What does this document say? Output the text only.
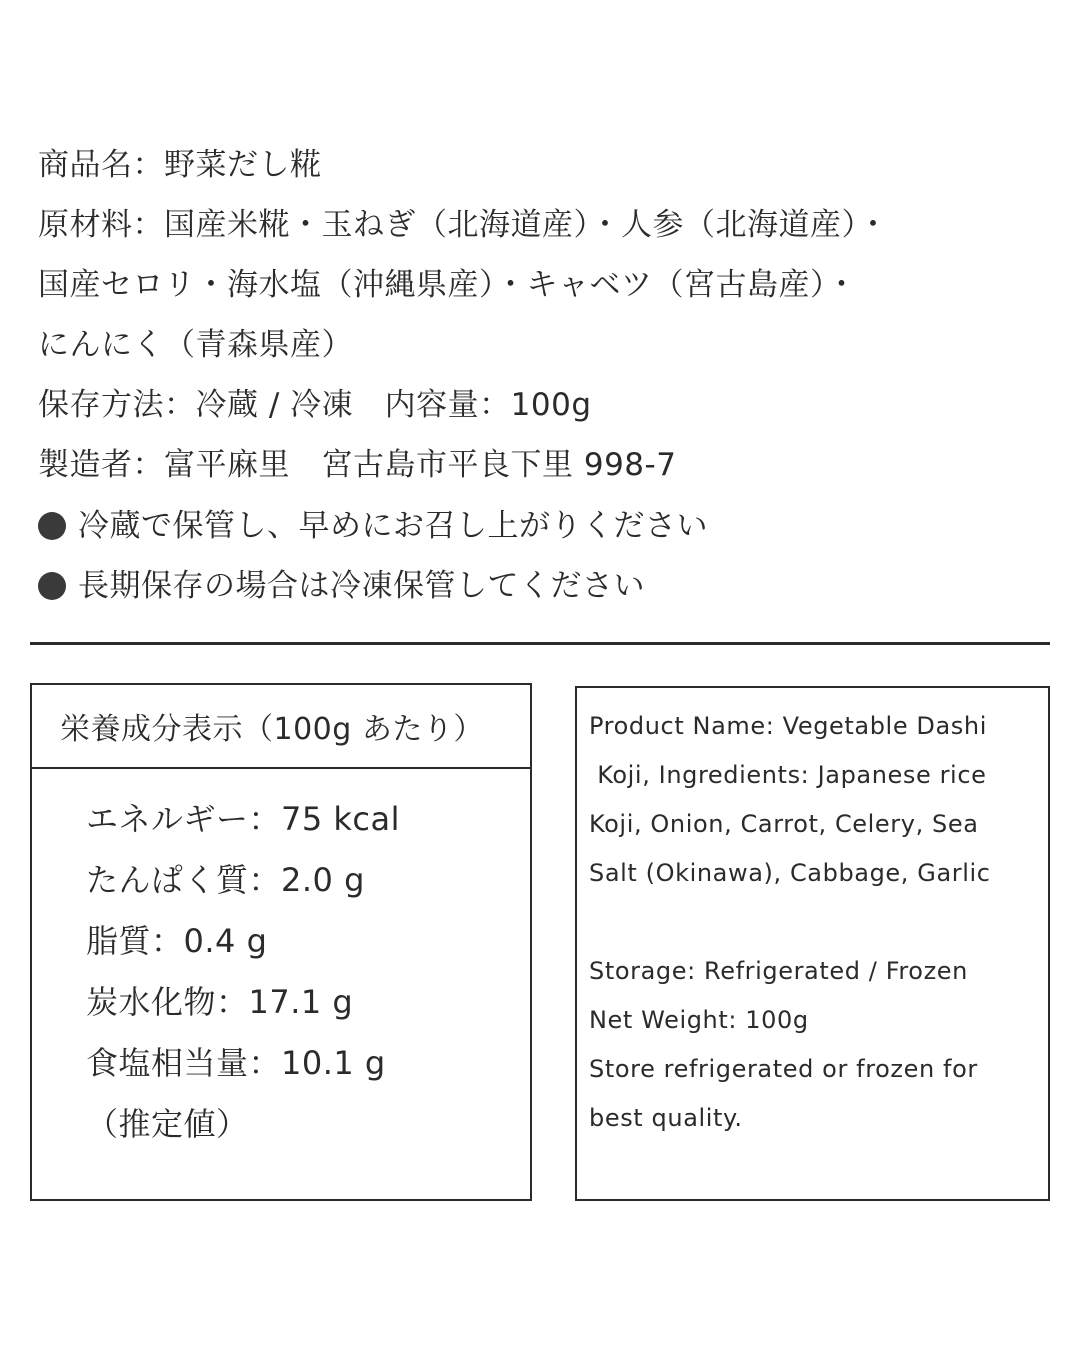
商品名：野菜だし糀

原材料：国産米糀・玉ねぎ（北海道産）・人参（北海道産）・

国産セロリ・海水塩（沖縄県産）・キャベツ（宮古島産）・

にんにく（青森県産）

保存方法：冷蔵 / 冷凍　内容量：100g

製造者：富平麻里　宮古島市平良下里 998-7

冷蔵で保管し、早めにお召し上がりください
長期保存の場合は冷凍保管してください
栄養成分表示（100g あたり）
エネルギー：75 kcal
たんぱく質：2.0 g
脂質：0.4 g
炭水化物：17.1 g
食塩相当量：10.1 g
（推定値）

Product Name: Vegetable Dashi

Koji, Ingredients: Japanese rice

Koji, Onion, Carrot, Celery, Sea

Salt (Okinawa), Cabbage, Garlic

Storage: Refrigerated / Frozen

Net Weight: 100g

Store refrigerated or frozen for

best quality.
